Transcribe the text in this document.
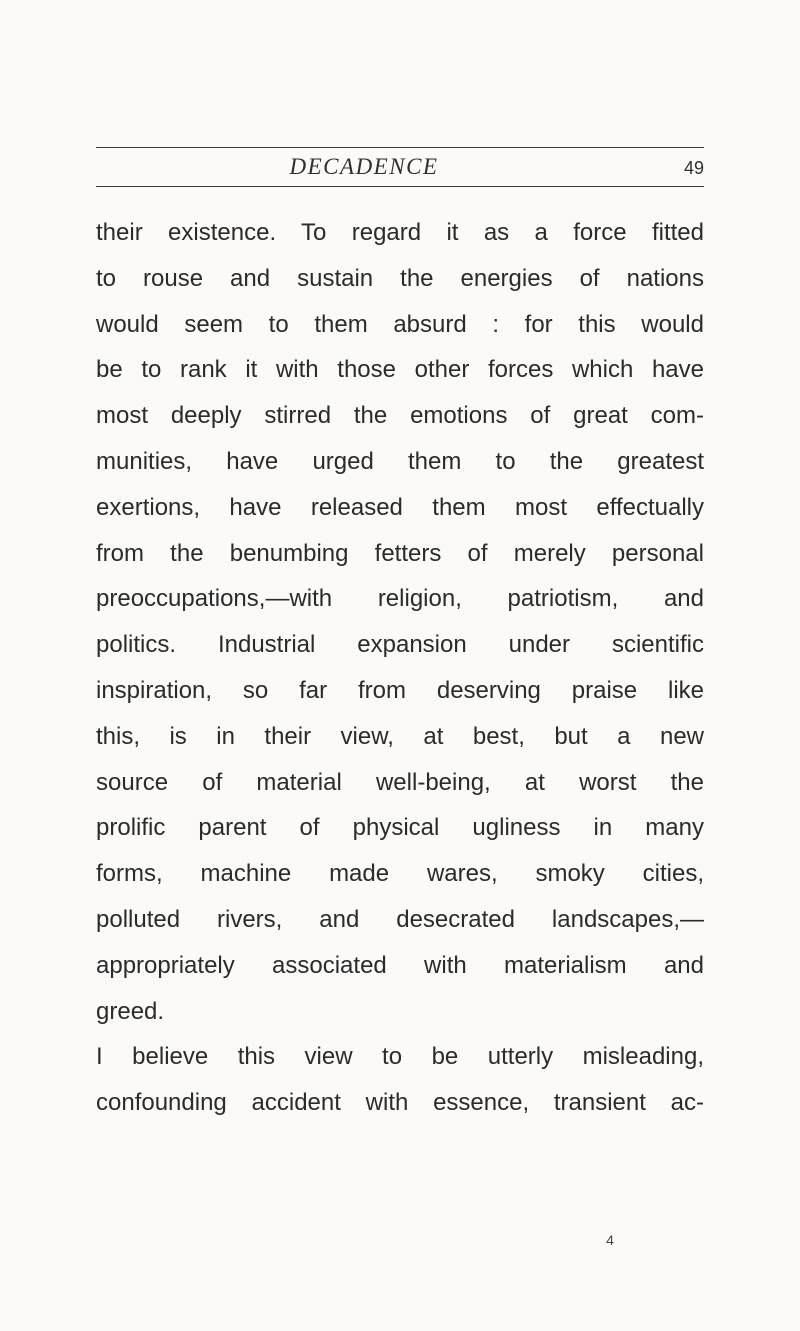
DECADENCE	49
their existence. To regard it as a force fitted
to rouse and sustain the energies of nations
would seem to them absurd : for this would
be to rank it with those other forces which have
most deeply stirred the emotions of great com-
munities, have urged them to the greatest
exertions, have released them most effectually
from the benumbing fetters of merely personal
preoccupations,—with religion, patriotism, and
politics. Industrial expansion under scientific
inspiration, so far from deserving praise like
this, is in their view, at best, but a new
source of material well-being, at worst the
prolific parent of physical ugliness in many
forms, machine made wares, smoky cities,
polluted rivers, and desecrated landscapes,—
appropriately associated with materialism and
greed.
I believe this view to be utterly misleading,
confounding accident with essence, transient ac-
4
